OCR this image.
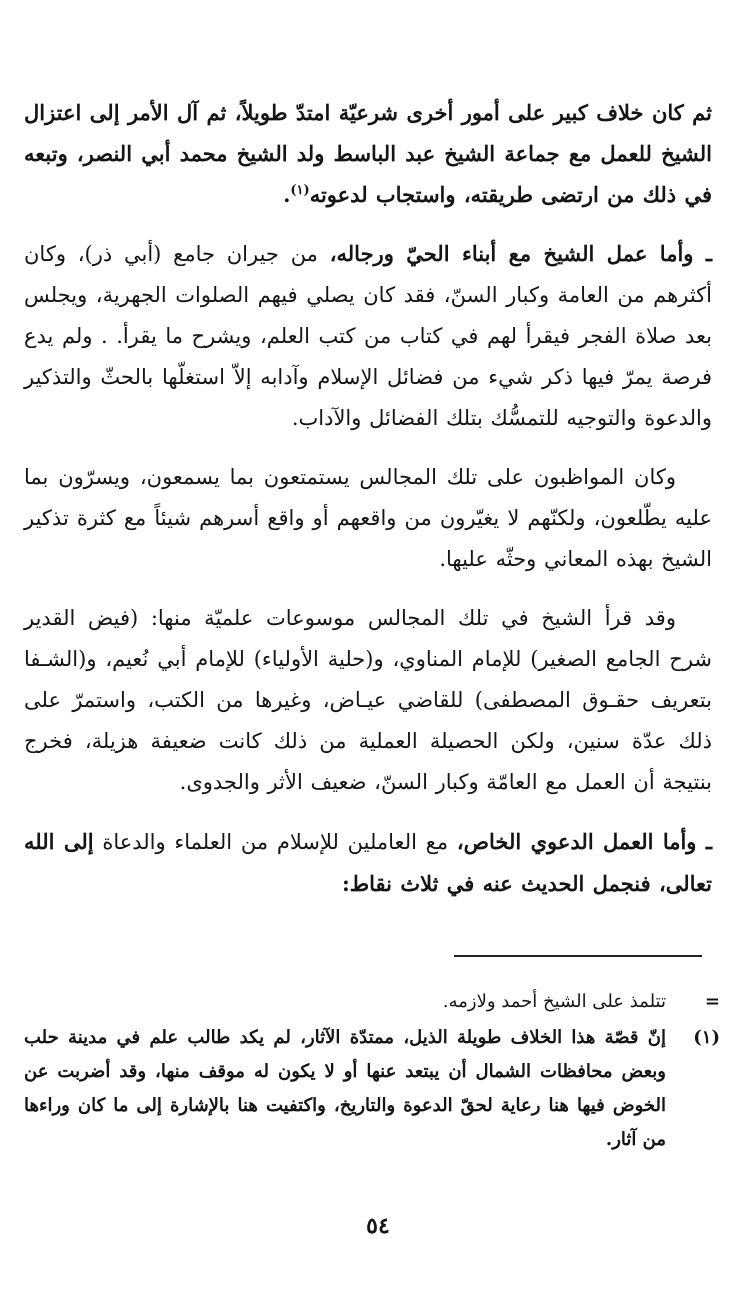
ثم كان خلاف كبير على أمور أخرى شرعيّة امتدّ طويلاً، ثم آل الأمر إلى اعتزال الشيخ للعمل مع جماعة الشيخ عبد الباسط ولد الشيخ محمد أبي النصر، وتبعه في ذلك من ارتضى طريقته، واستجاب لدعوته$^{(١)}$.

ـ وأما عمل الشيخ مع أبناء الحيّ ورجاله، من جيران جامع (أبي ذر)، وكان أكثرهم من العامة وكبار السنّ، فقد كان يصلي فيهم الصلوات الجهرية، ويجلس بعد صلاة الفجر فيقرأ لهم في كتاب من كتب العلم، ويشرح ما يقرأ. . ولم يدع فرصة يمرّ فيها ذكر شيء من فضائل الإسلام وآدابه إلاّ استغلّها بالحثّ والتذكير والدعوة والتوجيه للتمسُّك بتلك الفضائل والآداب.

وكان المواظبون على تلك المجالس يستمتعون بما يسمعون، ويسرّون بما عليه يطّلعون، ولكنّهم لا يغيّرون من واقعهم أو واقع أسرهم شيئاً مع كثرة تذكير الشيخ بهذه المعاني وحثّه عليها.

وقد قرأ الشيخ في تلك المجالس موسوعات علميّة منها: (فيض القدير شرح الجامع الصغير) للإمام المناوي، و(حلية الأولياء) للإمام أبي نُعيم، و(الشـفا بتعريف حقـوق المصطفى) للقاضي عيـاض، وغيرها من الكتب، واستمرّ على ذلك عدّة سنين، ولكن الحصيلة العملية من ذلك كانت ضعيفة هزيلة، فخرج بنتيجة أن العمل مع العامّة وكبار السنّ، ضعيف الأثر والجدوى.

ـ وأما العمل الدعوي الخاص، مع العاملين للإسلام من العلماء والدعاة إلى الله تعالى، فنجمل الحديث عنه في ثلاث نقاط:

=
تتلمذ على الشيخ أحمد ولازمه.
(١)
إنّ قصّة هذا الخلاف طويلة الذيل، ممتدّة الآثار، لم يكد طالب علم في مدينة حلب وبعض محافظات الشمال أن يبتعد عنها أو لا يكون له موقف منها، وقد أضربت عن الخوض فيها هنا رعاية لحقّ الدعوة والتاريخ، واكتفيت هنا بالإشارة إلى ما كان وراءها من آثار.
٥٤
